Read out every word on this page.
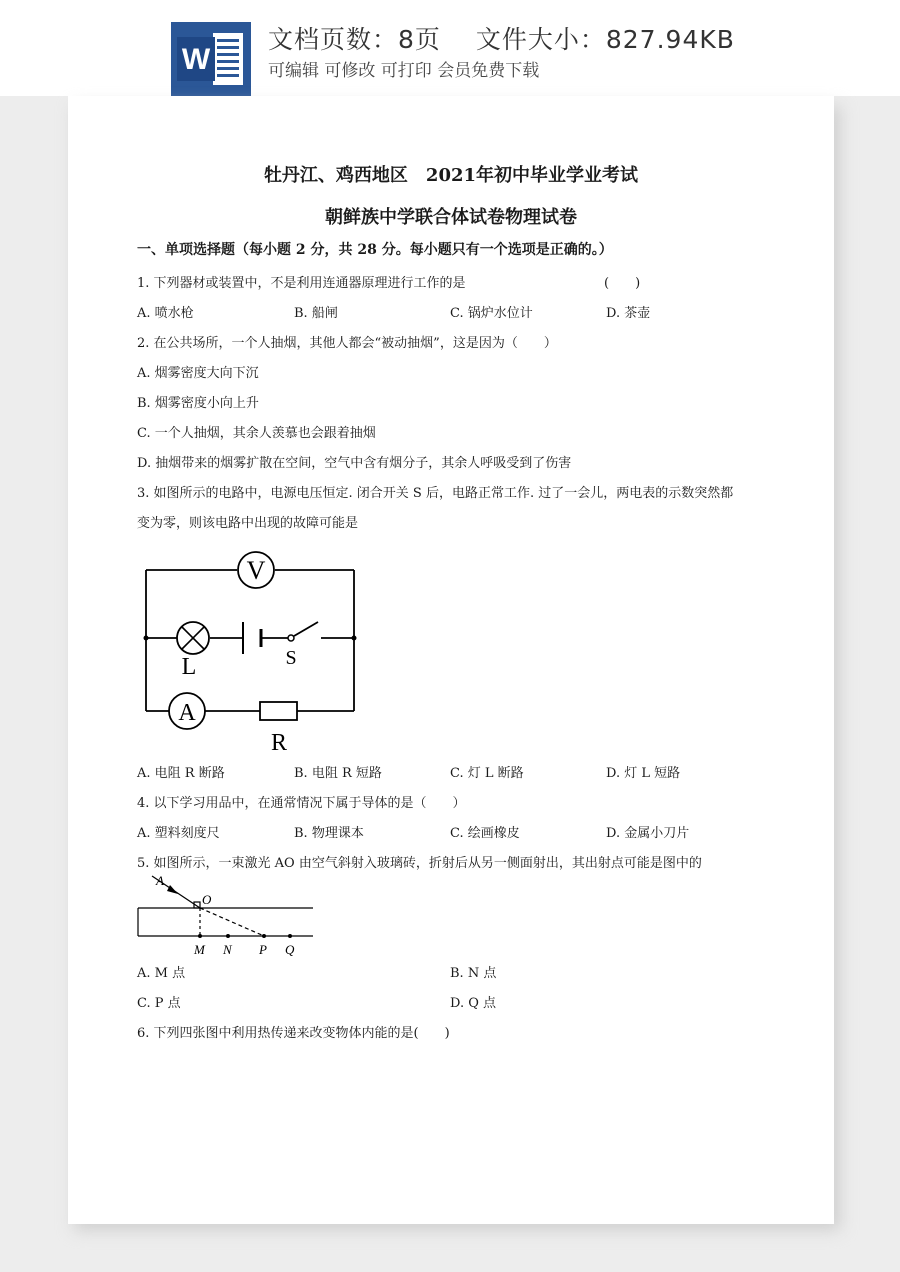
W
文档页数：8页　 文件大小：827.94KB
可编辑 可修改 可打印 会员免费下载
牡丹江、鸡西地区　2021年初中毕业学业考试
朝鲜族中学联合体试卷物理试卷
一、单项选择题（每小题 2 分，共 28 分。每小题只有一个选项是正确的。）
1. 下列器材或装置中，不是利用连通器原理进行工作的是	(　　)
A. 喷水枪	B. 船闸	C. 锅炉水位计	D. 茶壶
2. 在公共场所，一个人抽烟，其他人都会“被动抽烟”，这是因为（　　）
A. 烟雾密度大向下沉
B. 烟雾密度小向上升
C. 一个人抽烟，其余人羡慕也会跟着抽烟
D. 抽烟带来的烟雾扩散在空间，空气中含有烟分子，其余人呼吸受到了伤害
3. 如图所示的电路中，电源电压恒定. 闭合开关 S 后，电路正常工作. 过了一会儿，两电表的示数突然都
变为零，则该电路中出现的故障可能是
V
L	S
A
R
A. 电阻 R 断路	B. 电阻 R 短路	C. 灯 L 断路	D. 灯 L 短路
4. 以下学习用品中，在通常情况下属于导体的是（　　）
A. 塑料刻度尺	B. 物理课本	C. 绘画橡皮	D. 金属小刀片
5. 如图所示，一束激光 AO 由空气斜射入玻璃砖，折射后从另一侧面射出，其出射点可能是图中的
A
O
M N P Q
A. M 点	B. N 点
C. P 点	D. Q 点
6. 下列四张图中利用热传递来改变物体内能的是(　　)
